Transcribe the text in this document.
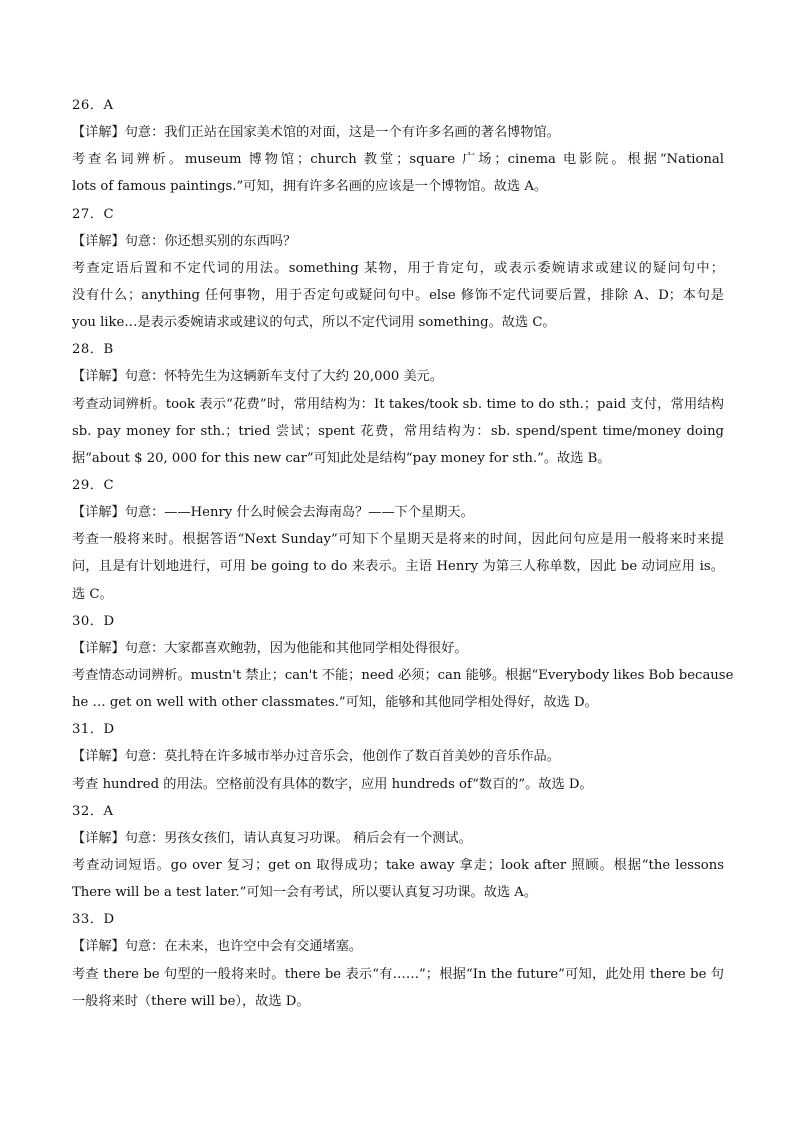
26．A
【详解】句意：我们正站在国家美术馆的对面，这是一个有许多名画的著名博物馆。
考查名词辨析。museum 博物馆；church 教堂；square 广场；cinema 电影院。根据“National
lots of famous paintings.”可知，拥有许多名画的应该是一个博物馆。故选 A。
27．C
【详解】句意：你还想买别的东西吗？
考查定语后置和不定代词的用法。something 某物，用于肯定句，或表示委婉请求或建议的疑问句中；
没有什么；anything 任何事物，用于否定句或疑问句中。else 修饰不定代词要后置，排除 A、D；本句是
you like…是表示委婉请求或建议的句式，所以不定代词用 something。故选 C。
28．B
【详解】句意：怀特先生为这辆新车支付了大约 20,000 美元。
考查动词辨析。took 表示“花费”时，常用结构为：It takes/took sb. time to do sth.；paid 支付，常用结构
sb. pay money for sth.；tried 尝试；spent 花费，常用结构为：sb. spend/spent time/money doing
据“about $ 20, 000 for this new car”可知此处是结构“pay money for sth.”。故选 B。
29．C
【详解】句意：——Henry 什么时候会去海南岛？——下个星期天。
考查一般将来时。根据答语“Next Sunday”可知下个星期天是将来的时间，因此问句应是用一般将来时来提
问，且是有计划地进行，可用 be going to do 来表示。主语 Henry 为第三人称单数，因此 be 动词应用 is。
选 C。
30．D
【详解】句意：大家都喜欢鲍勃，因为他能和其他同学相处得很好。
考查情态动词辨析。mustn't 禁止；can't 不能；need 必须；can 能够。根据“Everybody likes Bob because
he … get on well with other classmates.”可知，能够和其他同学相处得好，故选 D。
31．D
【详解】句意：莫扎特在许多城市举办过音乐会，他创作了数百首美妙的音乐作品。
考查 hundred 的用法。空格前没有具体的数字，应用 hundreds of“数百的”。故选 D。
32．A
【详解】句意：男孩女孩们，请认真复习功课。 稍后会有一个测试。
考查动词短语。go over 复习；get on 取得成功；take away 拿走；look after 照顾。根据“the lessons
There will be a test later.”可知一会有考试，所以要认真复习功课。故选 A。
33．D
【详解】句意：在未来，也许空中会有交通堵塞。
考查 there be 句型的一般将来时。there be 表示“有……”；根据“In the future”可知，此处用 there be 句
一般将来时（there will be），故选 D。
